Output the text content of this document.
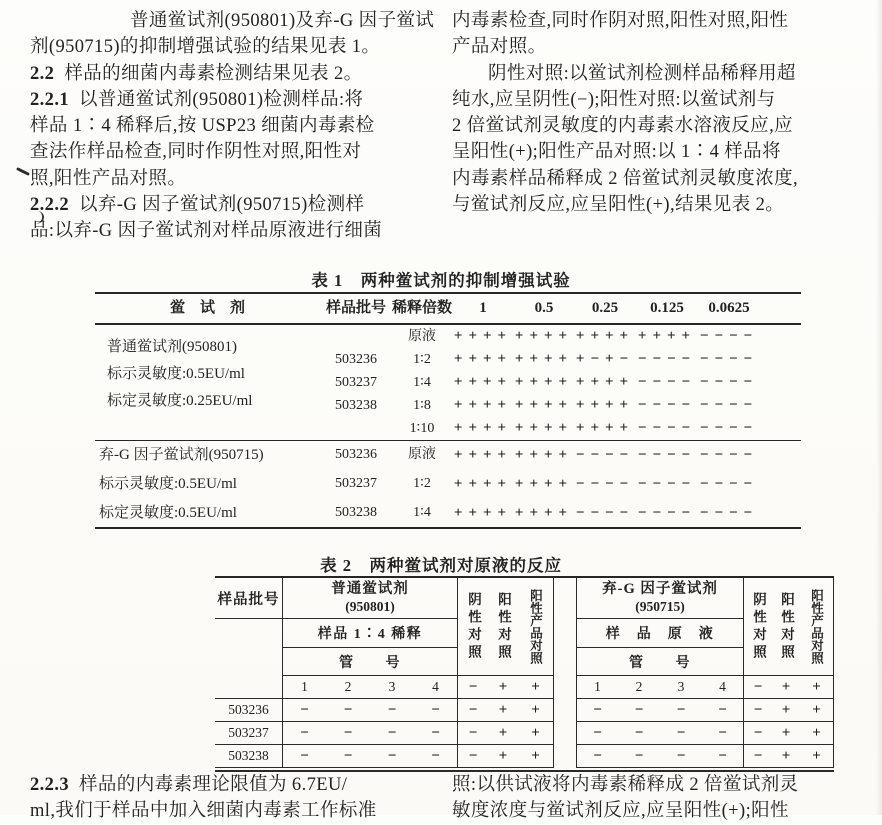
普通鲎试剂(950801)及弃-G 因子鲎试
剂(950715)的抑制增强试验的结果见表 1。
2.2 样品的细菌内毒素检测结果见表 2。
2.2.1 以普通鲎试剂(950801)检测样品:将
样品 1∶4 稀释后,按 USP23 细菌内毒素检
查法作样品检查,同时作阴性对照,阳性对
照,阳性产品对照。
2.2.2 以弃-G 因子鲎试剂(950715)检测样
品:以弃-G 因子鲎试剂对样品原液进行细菌
内毒素检查,同时作阴对照,阳性对照,阳性
产品对照。
阴性对照:以鲎试剂检测样品稀释用超
纯水,应呈阴性(−);阳性对照:以鲎试剂与
2 倍鲎试剂灵敏度的内毒素水溶液反应,应
呈阳性(+);阳性产品对照:以 1∶4 样品将
内毒素样品稀释成 2 倍鲎试剂灵敏度浓度,
与鲎试剂反应,应呈阳性(+),结果见表 2。
表 1　两种鲎试剂的抑制增强试验
鲎　试　剂	样品批号 稀释倍数	1	0.5	0.25	0.125	0.0625
普通鲎试剂(950801)
标示灵敏度:0.5EU/ml
标定灵敏度:0.25EU/ml
原液	++++ ++++ ++++ ++++ −−−−
503236	1∶2	++++ ++++ +−+− −−−− −−−−
503237	1∶4	++++ ++++ ++++ −−−− −−−−
503238	1∶8	++++ ++++ ++++ −−−− −−−−
1∶10	++++ ++++ ++++ −−−− −−−−
弃-G 因子鲎试剂(950715)	503236	原液	++++ ++++ −−−− −−−− −−−−
标示灵敏度:0.5EU/ml	503237	1∶2	++++ ++++ −−−− −−−− −−−−
标定灵敏度:0.5EU/ml	503238	1∶4	++++ ++++ −−−− −−−− −−−−
表 2　两种鲎试剂对原液的反应
样品批号
普通鲎试剂
(950801)
样品 1∶4 稀释
管　　号
阴性对照 阳性对照 阳性产品对照
1	2	3	4	−	+	+
503236	−	−	−	−	−	+	+
503237	−	−	−	−	−	+	+
503238	−	−	−	−	−	+	+
弃-G 因子鲎试剂
(950715)
样　品　原　液
管　　号
阴性对照 阳性对照 阳性产品对照
1	2	3	4	−	+	+
−	−	−	−	−	+	+
−	−	−	−	−	+	+
−	−	−	−	−	+	+
2.2.3 样品的内毒素理论限值为 6.7EU/
ml,我们于样品中加入细菌内毒素工作标准
照:以供试液将内毒素稀释成 2 倍鲎试剂灵
敏度浓度与鲎试剂反应,应呈阳性(+);阳性
